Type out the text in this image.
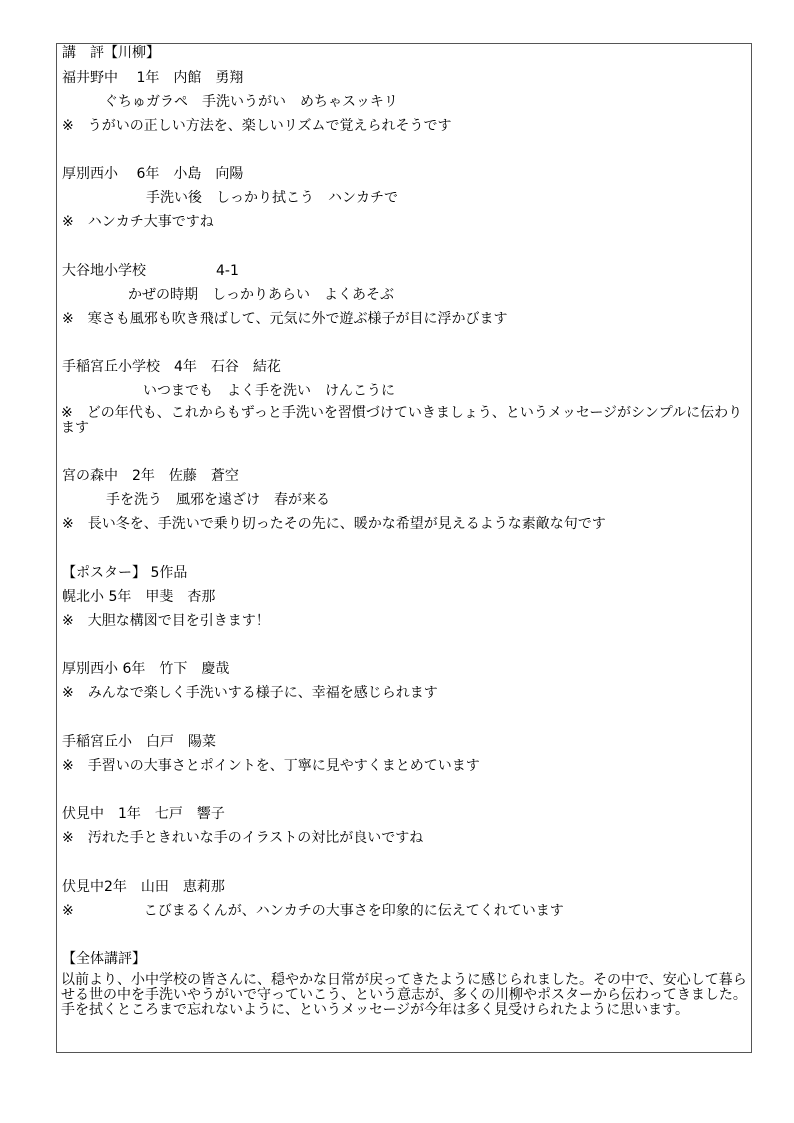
講　評【川柳】
福井野中　 1年　内館　勇翔
ぐちゅガラペ　手洗いうがい　めちゃスッキリ
※　うがいの正しい方法を、楽しいリズムで覚えられそうです
厚別西小　 6年　小島　向陽
手洗い後　しっかり拭こう　ハンカチで
※　ハンカチ大事ですね
大谷地小学校　　　　　4-1
かぜの時期　しっかりあらい　よくあそぶ
※　寒さも風邪も吹き飛ばして、元気に外で遊ぶ様子が目に浮かびます
手稲宮丘小学校　4年　石谷　結花
いつまでも　よく手を洗い　けんこうに
※　どの年代も、これからもずっと手洗いを習慣づけていきましょう、というメッセージがシンプルに伝わります
宮の森中　2年　佐藤　蒼空
手を洗う　風邪を遠ざけ　春が来る
※　長い冬を、手洗いで乗り切ったその先に、暖かな希望が見えるような素敵な句です
【ポスター】 5作品
幌北小 5年　甲斐　杏那
※　大胆な構図で目を引きます！
厚別西小 6年　竹下　慶哉
※　みんなで楽しく手洗いする様子に、幸福を感じられます
手稲宮丘小　白戸　陽菜
※　手習いの大事さとポイントを、丁寧に見やすくまとめています
伏見中　1年　七戸　響子
※　汚れた手ときれいな手のイラストの対比が良いですね
伏見中2年　山田　恵莉那
※　　　　　こびまるくんが、ハンカチの大事さを印象的に伝えてくれています
【全体講評】
以前より、小中学校の皆さんに、穏やかな日常が戻ってきたように感じられました。その中で、安心して暮らせる世の中を手洗いやうがいで守っていこう、という意志が、多くの川柳やポスターから伝わってきました。手を拭くところまで忘れないように、というメッセージが今年は多く見受けられたように思います。
